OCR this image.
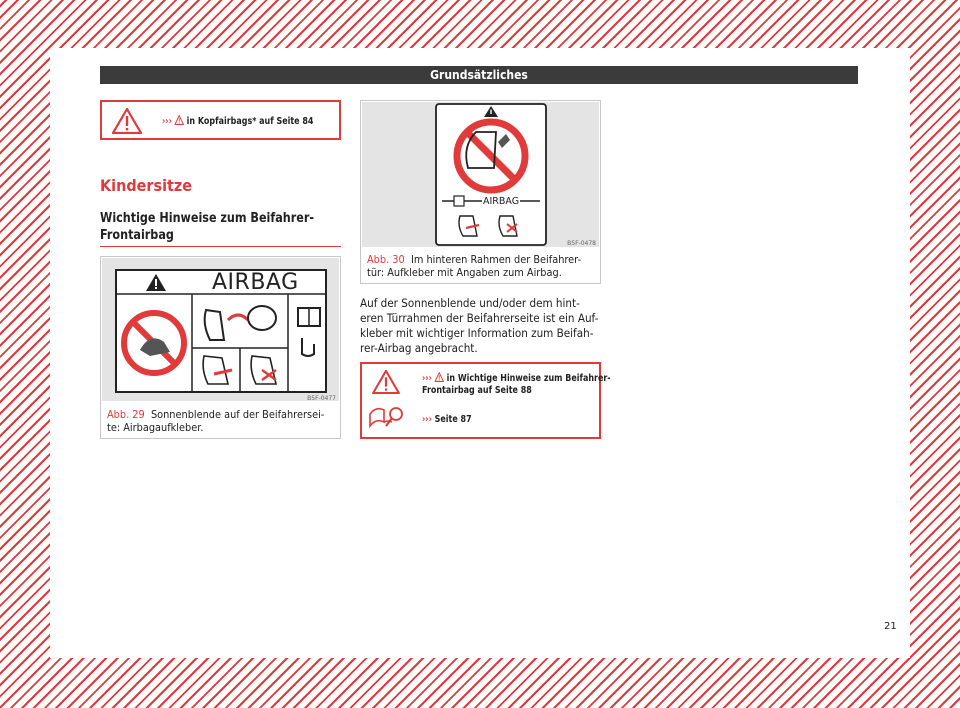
Grundsätzliches
›››  in Kopfairbags* auf Seite 84
Kindersitze
Wichtige Hinweise zum Beifahrer-
Frontairbag
AIRBAG
B5F-0477
Abb. 29 Sonnenblende auf der Beifahrersei-
te: Airbagaufkleber.
AIRBAG
B5F-0478
Abb. 30 Im hinteren Rahmen der Beifahrer-
tür: Aufkleber mit Angaben zum Airbag.
Auf der Sonnenblende und/oder dem hint-
eren Türrahmen der Beifahrerseite ist ein Auf-
kleber mit wichtiger Information zum Beifah-
rer-Airbag angebracht.
›››  in Wichtige Hinweise zum Beifahrer-
Frontairbag auf Seite 88
››› Seite 87
21
